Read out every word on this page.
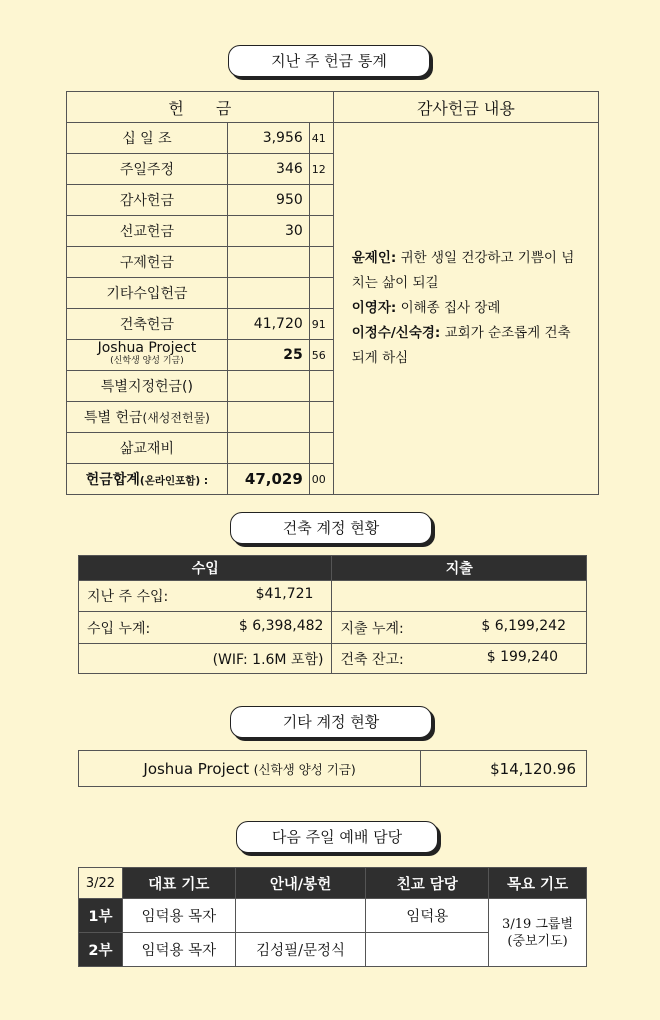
지난 주 헌금 통계
헌　　금			감사헌금 내용
십 일 조	3,956	41	윤제인: 귀한 생일 건강하고 기쁨이 넘치는 삶이 되길
이영자: 이해종 집사 장례
이정수/신숙경: 교회가 순조롭게 건축되게 하심

주일주정	346	12	
감사헌금	950		
선교헌금	30		
구제헌금			
기타수입헌금			
건축헌금	41,720	91	

Joshua Project
(신학생 양성 기금)	25	56	
특별지정헌금()			
특별 헌금(새성전헌물)			
삶교재비			
헌금합계(온라인포함) :	47,029	00	
건축 계정 현황
수입	지출
지난 주 수입: $41,721	

수입 누계: $ 6,398,482	지출 누계: $ 6,199,242

(WIF: 1.6M 포함)	건축 잔고: $ 199,240
기타 계정 현황
Joshua Project (신학생 양성 기금)	$14,120.96
다음 주일 예배 담당
3/22	대표 기도	안내/봉헌	친교 담당	목요 기도
1부	임덕용 목자		임덕용	3/19 그룹별 (중보기도)
2부	임덕용 목자	김성필/문정식		
